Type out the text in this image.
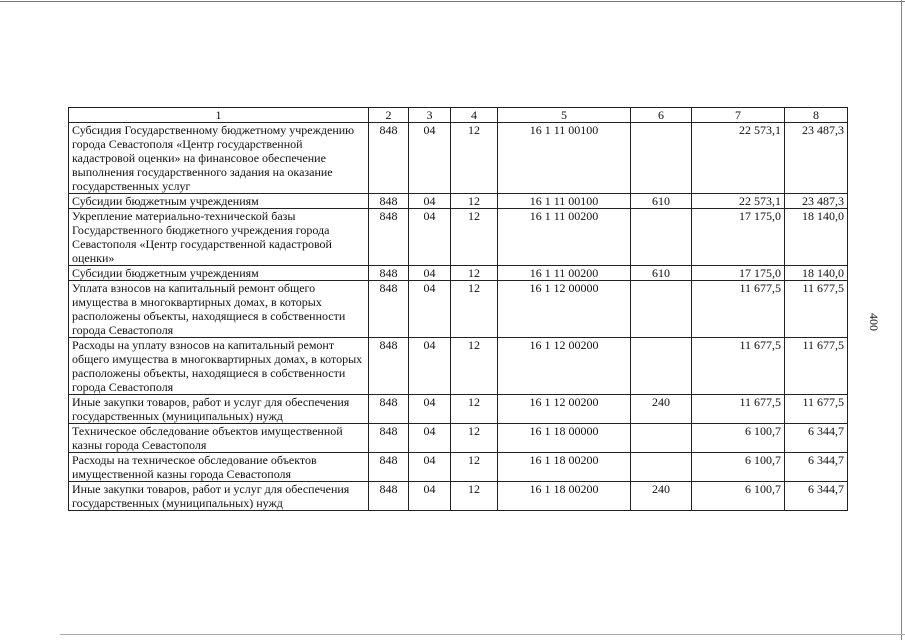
400
1	2	3	4	5	6	7	8
Субсидия Государственному бюджетному учреждению города Севастополя «Центр государственной кадастровой оценки» на финансовое обеспечение выполнения государственного задания на оказание государственных услуг	848	04	12	16 1 11 00100		22 573,1	23 487,3
Субсидии бюджетным учреждениям	848	04	12	16 1 11 00100	610	22 573,1	23 487,3
Укрепление материально-технической базы Государственного бюджетного учреждения города Севастополя «Центр государственной кадастровой оценки»	848	04	12	16 1 11 00200		17 175,0	18 140,0
Субсидии бюджетным учреждениям	848	04	12	16 1 11 00200	610	17 175,0	18 140,0
Уплата взносов на капитальный ремонт общего имущества в многоквартирных домах, в которых расположены объекты, находящиеся в собственности города Севастополя	848	04	12	16 1 12 00000		11 677,5	11 677,5
Расходы на уплату взносов на капитальный ремонт общего имущества в многоквартирных домах, в которых расположены объекты, находящиеся в собственности города Севастополя	848	04	12	16 1 12 00200		11 677,5	11 677,5
Иные закупки товаров, работ и услуг для обеспечения государственных (муниципальных) нужд	848	04	12	16 1 12 00200	240	11 677,5	11 677,5
Техническое обследование объектов имущественной казны города Севастополя	848	04	12	16 1 18 00000		6 100,7	6 344,7
Расходы на техническое обследование объектов имущественной казны города Севастополя	848	04	12	16 1 18 00200		6 100,7	6 344,7
Иные закупки товаров, работ и услуг для обеспечения государственных (муниципальных) нужд	848	04	12	16 1 18 00200	240	6 100,7	6 344,7
